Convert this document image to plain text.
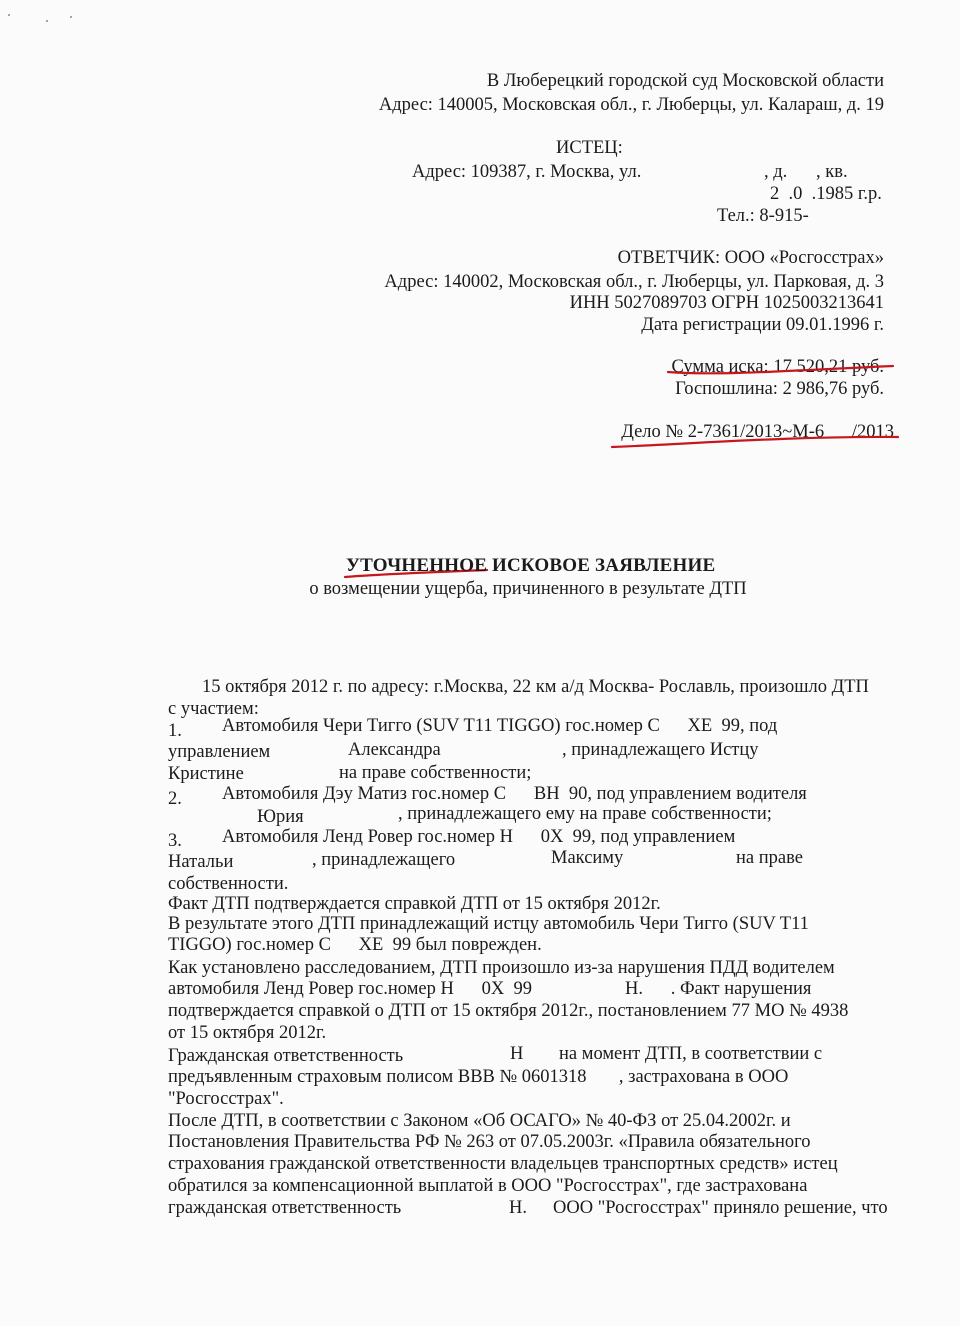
В Люберецкий городской суд Московской области
Адрес: 140005, Московская обл., г. Люберцы, ул. Калараш, д. 19
ИСТЕЦ:
Адрес: 109387, г. Москва, ул.	, д. , кв.
2  .0  .1985 г.р.
Тел.: 8-915-
ОТВЕТЧИК: ООО «Росгосстрах»
Адрес: 140002, Московская обл., г. Люберцы, ул. Парковая, д. 3
ИНН 5027089703 ОГРН 1025003213641
Дата регистрации 09.01.1996 г.
Сумма иска: 17 520,21 руб.
Госпошлина: 2 986,76 руб.
Дело № 2-7361/2013~М-6      /2013
УТОЧНЕННОЕ ИСКОВОЕ ЗАЯВЛЕНИЕ
о возмещении ущерба, причиненного в результате ДТП
15 октября 2012 г. по адресу: г.Москва, 22 км а/д Москва- Рославль, произошло ДТП
с участием:
1. Автомобиля Чери Тигго (SUV T11 TIGGO) гос.номер С      ХЕ  99, под
управлением	Александра	, принадлежащего Истцу
Кристине	на праве собственности;
2. Автомобиля Дэу Матиз гос.номер С      ВН  90, под управлением водителя
Юрия	, принадлежащего ему на праве собственности;
3. Автомобиля Ленд Ровер гос.номер Н      0Х  99, под управлением
Натальи	, принадлежащего	Максиму	на праве
собственности.
Факт ДТП подтверждается справкой ДТП от 15 октября 2012г.
В результате этого ДТП принадлежащий истцу автомобиль Чери Тигго (SUV T11
TIGGO) гос.номер С      ХЕ  99 был поврежден.
Как установлено расследованием, ДТП произошло из-за нарушения ПДД водителем
автомобиля Ленд Ровер гос.номер Н      0Х  99	Н.      . Факт нарушения
подтверждается справкой о ДТП от 15 октября 2012г., постановлением 77 МО № 4938
от 15 октября 2012г.
Гражданская ответственность	Н на момент ДТП, в соответствии с
предъявленным страховым полисом ВВВ № 0601318       , застрахована в ООО
"Росгосстрах".
После ДТП, в соответствии с Законом «Об ОСАГО» № 40-ФЗ от 25.04.2002г. и
Постановления Правительства РФ № 263 от 07.05.2003г. «Правила обязательного
страхования гражданской ответственности владельцев транспортных средств» истец
обратился за компенсационной выплатой в ООО "Росгосстрах", где застрахована
гражданская ответственность	Н. ООО "Росгосстрах" приняло решение, что
